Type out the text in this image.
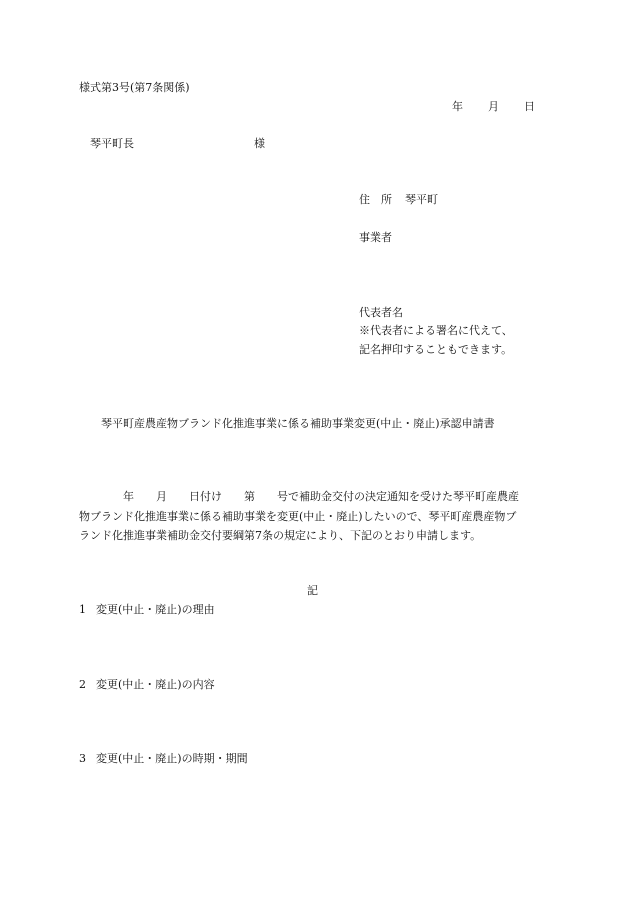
様式第3号(第7条関係)

年 月 日
琴平町長	様
住　所 琴平町
事業者
代表者名
※代表者による署名に代えて、
記名押印することもできます。
琴平町産農産物ブランド化推進事業に係る補助事業変更(中止・廃止)承認申請書
　　　　年　　月　　日付け　　第　　号で補助金交付の決定通知を受けた琴平町産農産
物ブランド化推進事業に係る補助事業を変更(中止・廃止)したいので、琴平町産農産物ブ
ランド化推進事業補助金交付要綱第7条の規定により、下記のとおり申請します。
記
1 変更(中止・廃止)の理由
2 変更(中止・廃止)の内容
3 変更(中止・廃止)の時期・期間
